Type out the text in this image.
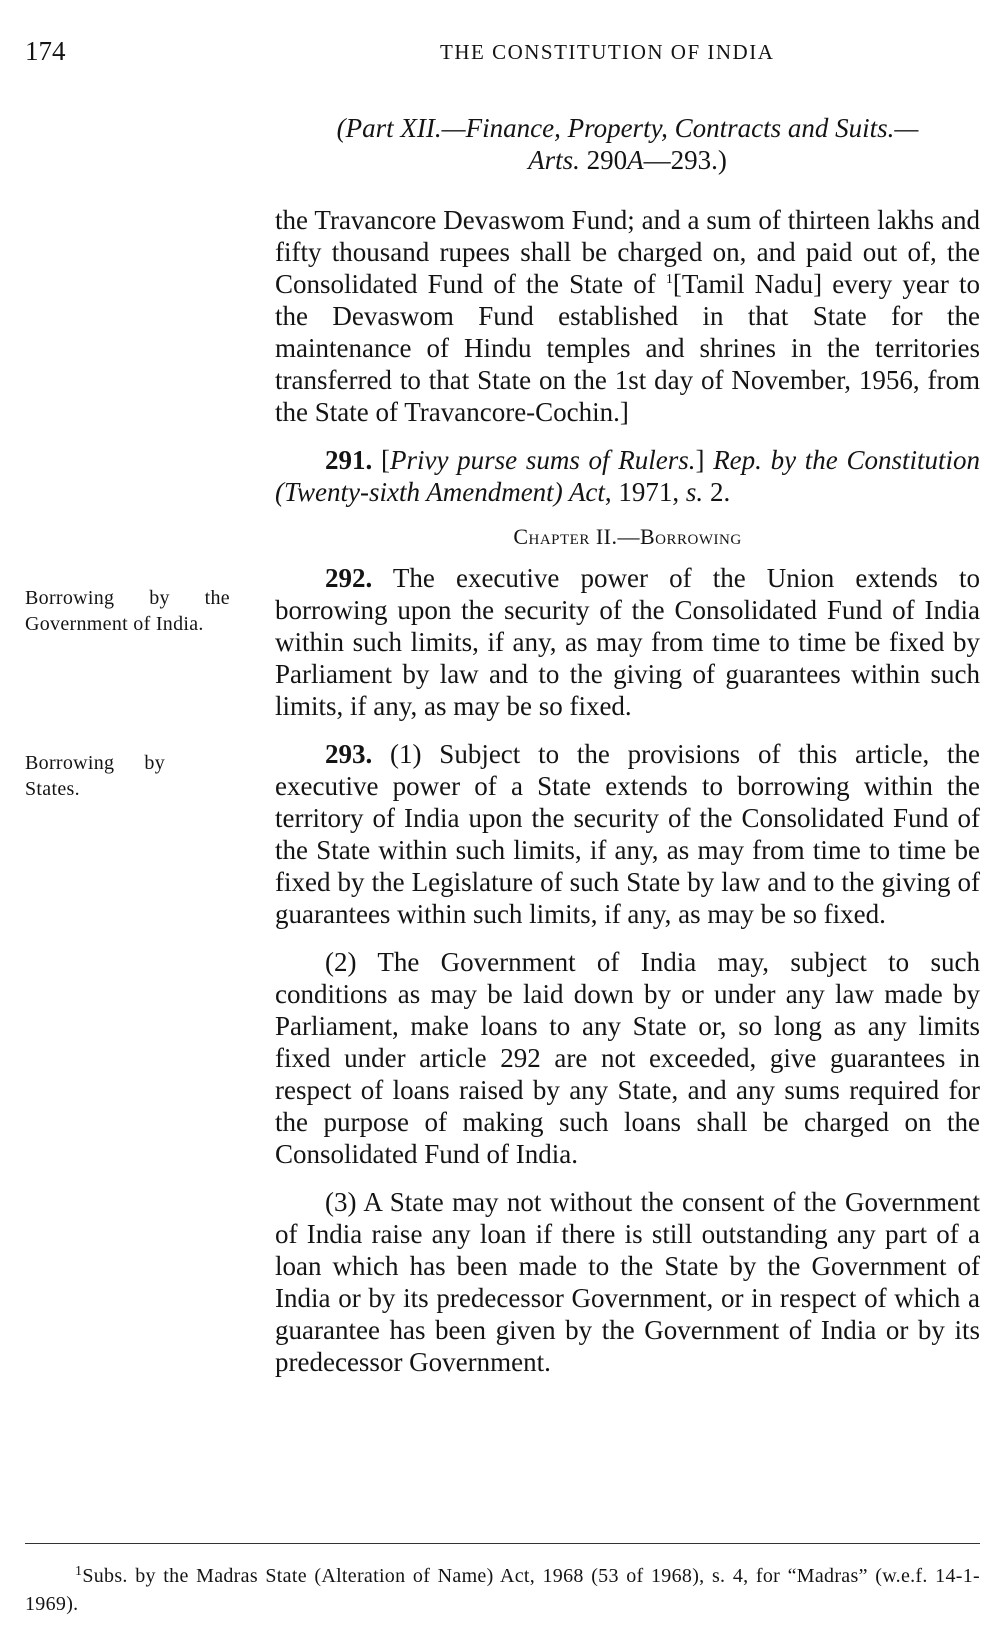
174	THE CONSTITUTION OF INDIA
(Part XII.—Finance, Property, Contracts and Suits.—
Arts. 290A—293.)

the Travancore Devaswom Fund; and a sum of thirteen lakhs and fifty thousand rupees shall be charged on, and paid out of, the Consolidated Fund of the State of $^1$[Tamil Nadu] every year to the Devaswom Fund established in that State for the maintenance of Hindu temples and shrines in the territories transferred to that State on the 1st day of November, 1956, from the State of Travancore-Cochin.]

291. [Privy purse sums of Rulers.] Rep. by the Constitution (Twenty-sixth Amendment) Act, 1971, s. 2.

Chapter II.—Borrowing

292. The executive power of the Union extends to borrowing upon the security of the Consolidated Fund of India within such limits, if any, as may from time to time be fixed by Parliament by law and to the giving of guarantees within such limits, if any, as may be so fixed.

293. (1) Subject to the provisions of this article, the executive power of a State extends to borrowing within the territory of India upon the security of the Consolidated Fund of the State within such limits, if any, as may from time to time be fixed by the Legislature of such State by law and to the giving of guarantees within such limits, if any, as may be so fixed.

(2) The Government of India may, subject to such conditions as may be laid down by or under any law made by Parliament, make loans to any State or, so long as any limits fixed under article 292 are not exceeded, give guarantees in respect of loans raised by any State, and any sums required for the purpose of making such loans shall be charged on the Consolidated Fund of India.

(3) A State may not without the consent of the Government of India raise any loan if there is still outstanding any part of a loan which has been made to the State by the Government of India or by its predecessor Government, or in respect of which a guarantee has been given by the Government of India or by its predecessor Government.

Borrowing by the Government of India.
Borrowing by States.
$^1$Subs. by the Madras State (Alteration of Name) Act, 1968 (53 of 1968), s. 4, for “Madras” (w.e.f. 14-1-1969).
